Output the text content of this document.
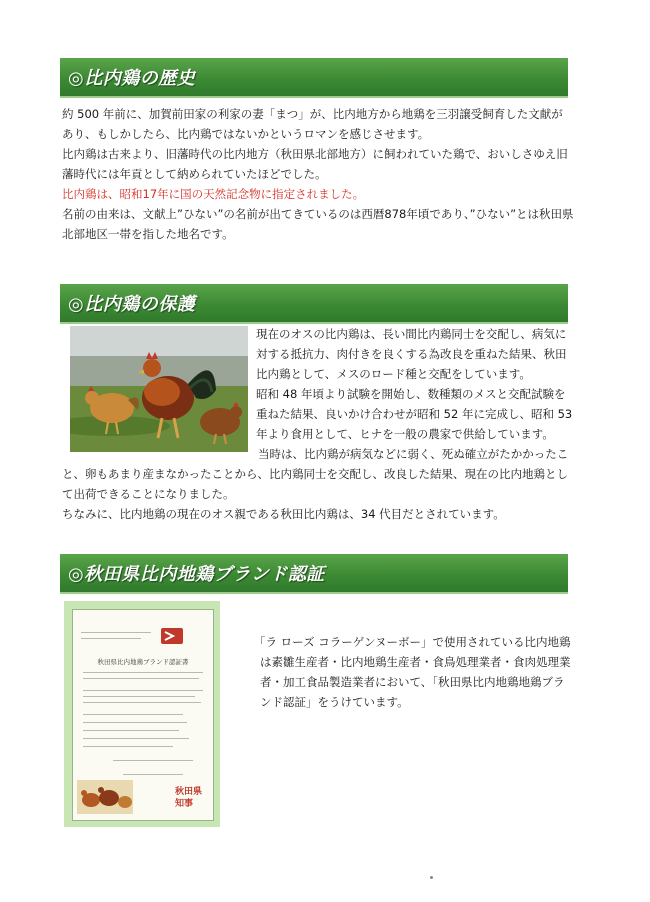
◎比内鶏の歴史

約 500 年前に、加賀前田家の利家の妻「まつ」が、比内地方から地鶏を三羽譲受飼育した文献があり、もしかしたら、比内鶏ではないかというロマンを感じさせます。

比内鶏は古来より、旧藩時代の比内地方（秋田県北部地方）に飼われていた鶏で、おいしさゆえ旧藩時代には年貢として納められていたほどでした。

比内鶏は、昭和17年に国の天然記念物に指定されました。

名前の由来は、文献上”ひない”の名前が出てきているのは西暦878年頃であり、”ひない”とは秋田県北部地区一帯を指した地名です。

◎比内鶏の保護

現在のオスの比内鶏は、長い間比内鶏同士を交配し、病気に対する抵抗力、肉付きを良くする為改良を重ねた結果、秋田比内鶏として、メスのロード種と交配をしています。

昭和 48 年頃より試験を開始し、数種類のメスと交配試験を重ねた結果、良いかけ合わせが昭和 52 年に完成し、昭和 53 年より食用として、ヒナを一般の農家で供給しています。

当時は、比内鶏が病気などに弱く、死ぬ確立がたかかったこと、卵もあまり産まなかったことから、比内鶏同士を交配し、改良した結果、現在の比内地鶏として出荷できることになりました。

ちなみに、比内地鶏の現在のオス親である秋田比内鶏は、34 代目だとされています。

◎秋田県比内地鶏ブランド認証
秋田県比内地鶏ブランド認証書
秋田県知事

「ラ ローズ コラーゲンヌーボー」で使用されている比内地鶏は素雛生産者・比内地鶏生産者・食鳥処理業者・食肉処理業者・加工食品製造業者において、「秋田県比内地鶏地鶏ブランド認証」をうけています。
